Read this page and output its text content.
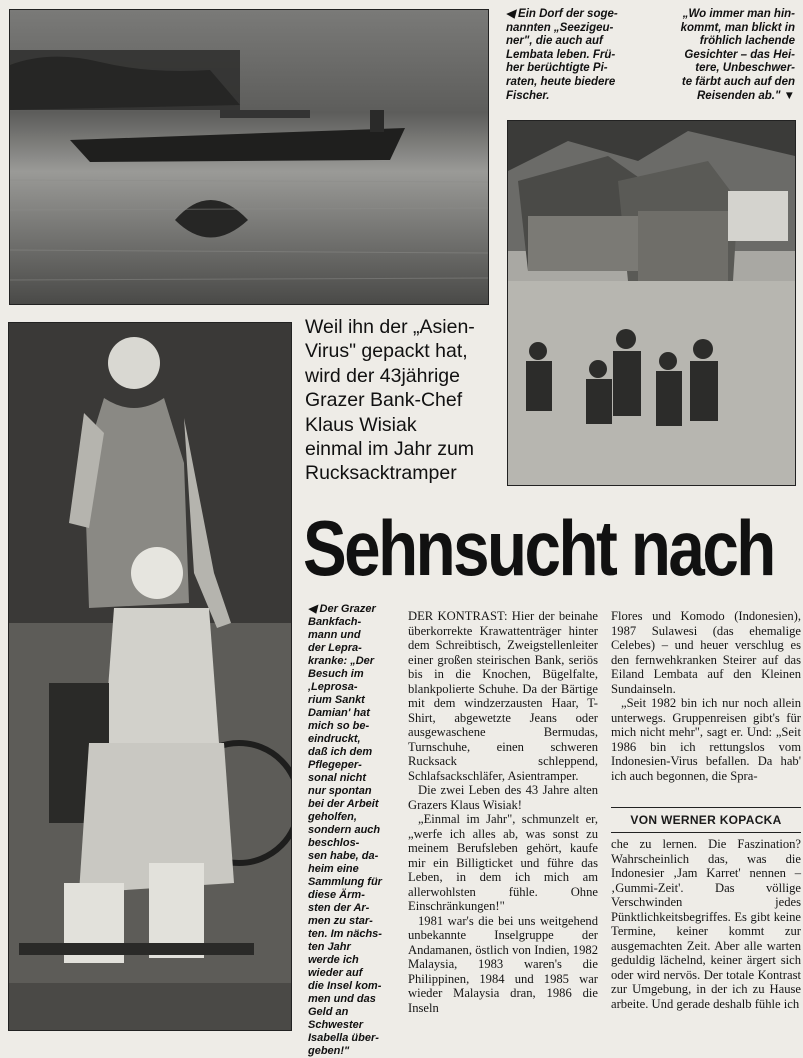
◀ Ein Dorf der soge-
nannten „Seezigeu-
ner", die auch auf
Lembata leben. Frü-
her berüchtigte Pi-
raten, heute biedere
Fischer.

„Wo immer man hin-
kommt, man blickt in
fröhlich lachende
Gesichter – das Hei-
tere, Unbeschwer-
te färbt auch auf den
Reisenden ab." ▼

◀ Der Grazer
Bankfach-
mann und
der Lepra-
kranke: „Der
Besuch im
‚Leprosa-
rium Sankt
Damian' hat
mich so be-
eindruckt,
daß ich dem
Pflegeper-
sonal nicht
nur spontan
bei der Arbeit
geholfen,
sondern auch
beschlos-
sen habe, da-
heim eine
Sammlung für
diese Ärm-
sten der Ar-
men zu star-
ten. Im nächs-
ten Jahr
werde ich
wieder auf
die Insel kom-
men und das
Geld an
Schwester
Isabella über-
geben!"

Weil ihn der „Asien-
Virus" gepackt hat,
wird der 43jährige
Grazer Bank-Chef
Klaus Wisiak
einmal im Jahr zum
Rucksacktramper

Sehnsucht nach

DER KONTRAST: Hier der beinahe überkorrekte Krawattenträger hinter dem Schreibtisch, Zweigstellenleiter einer großen steirischen Bank, seriös bis in die Knochen, Bügelfalte, blankpolierte Schuhe. Da der Bärtige mit dem windzerzausten Haar, T-Shirt, abgewetzte Jeans oder ausgewaschene Bermudas, Turnschuhe, einen schweren Rucksack schleppend, Schlafsackschläfer, Asientramper.

Die zwei Leben des 43 Jahre alten Grazers Klaus Wisiak!

„Einmal im Jahr", schmunzelt er, „werfe ich alles ab, was sonst zu meinem Berufsleben gehört, kaufe mir ein Billigticket und führe das Leben, in dem ich mich am allerwohlsten fühle. Ohne Einschränkungen!"

1981 war's die bei uns weitgehend unbekannte Inselgruppe der Andamanen, östlich von Indien, 1982 Malaysia, 1983 waren's die Philippinen, 1984 und 1985 war wieder Malaysia dran, 1986 die Inseln

Flores und Komodo (Indonesien), 1987 Sulawesi (das ehemalige Celebes) – und heuer verschlug es den fernwehkranken Steirer auf das Eiland Lembata auf den Kleinen Sundainseln.

„Seit 1982 bin ich nur noch allein unterwegs. Gruppenreisen gibt's für mich nicht mehr", sagt er. Und: „Seit 1986 bin ich rettungslos vom Indonesien-Virus befallen. Da hab' ich auch begonnen, die Spra-

VON WERNER KOPACKA

che zu lernen. Die Faszination? Wahrscheinlich das, was die Indonesier ‚Jam Karret' nennen – ‚Gummi-Zeit'. Das völlige Verschwinden jedes Pünktlichkeitsbegriffes. Es gibt keine Termine, keiner kommt zur ausgemachten Zeit. Aber alle warten geduldig lächelnd, keiner ärgert sich oder wird nervös. Der totale Kontrast zur Umgebung, in der ich zu Hause arbeite. Und gerade deshalb fühle ich
